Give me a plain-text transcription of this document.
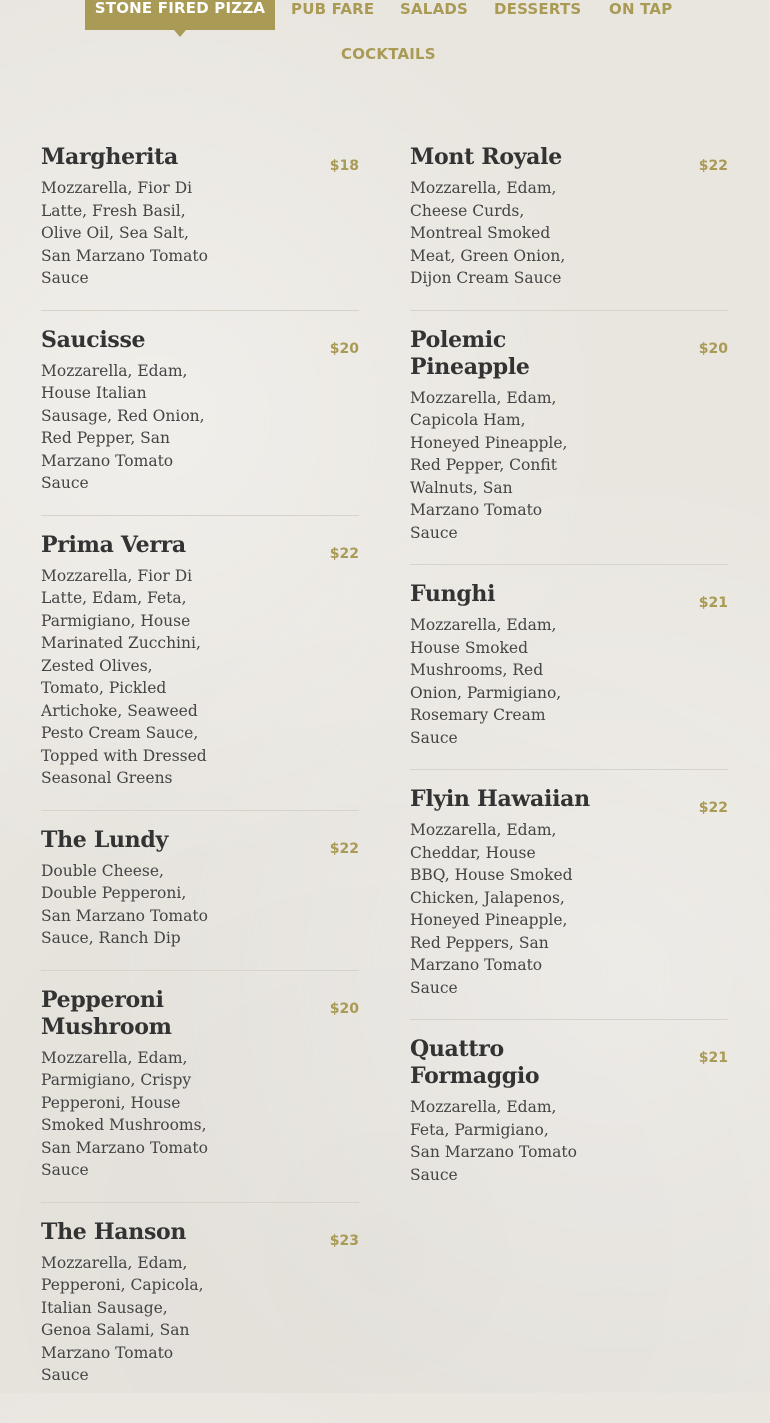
STONE FIRED PIZZA	PUB FARE SALADS DESSERTS ON TAP
COCKTAILS
Margherita	$18
Mozzarella, Fior Di Latte, Fresh Basil, Olive Oil, Sea Salt, San Marzano Tomato Sauce
Saucisse	$20
Mozzarella, Edam, House Italian Sausage, Red Onion, Red Pepper, San Marzano Tomato Sauce
Prima Verra	$22
Mozzarella, Fior Di Latte, Edam, Feta, Parmigiano, House Marinated Zucchini, Zested Olives, Tomato, Pickled Artichoke, Seaweed Pesto Cream Sauce, Topped with Dressed Seasonal Greens
The Lundy	$22
Double Cheese, Double Pepperoni, San Marzano Tomato Sauce, Ranch Dip
Pepperoni Mushroom
$20
Mozzarella, Edam, Parmigiano, Crispy Pepperoni, House Smoked Mushrooms, San Marzano Tomato Sauce
The Hanson	$23
Mozzarella, Edam, Pepperoni, Capicola, Italian Sausage, Genoa Salami, San Marzano Tomato Sauce
Mont Royale	$22
Mozzarella, Edam, Cheese Curds, Montreal Smoked Meat, Green Onion, Dijon Cream Sauce
Polemic Pineapple
$20
Mozzarella, Edam, Capicola Ham, Honeyed Pineapple, Red Pepper, Confit Walnuts, San Marzano Tomato Sauce
Funghi	$21
Mozzarella, Edam, House Smoked Mushrooms, Red Onion, Parmigiano, Rosemary Cream Sauce
Flyin Hawaiian	$22
Mozzarella, Edam, Cheddar, House BBQ, House Smoked Chicken, Jalapenos, Honeyed Pineapple, Red Peppers, San Marzano Tomato Sauce
Quattro Formaggio
$21
Mozzarella, Edam, Feta, Parmigiano, San Marzano Tomato Sauce
